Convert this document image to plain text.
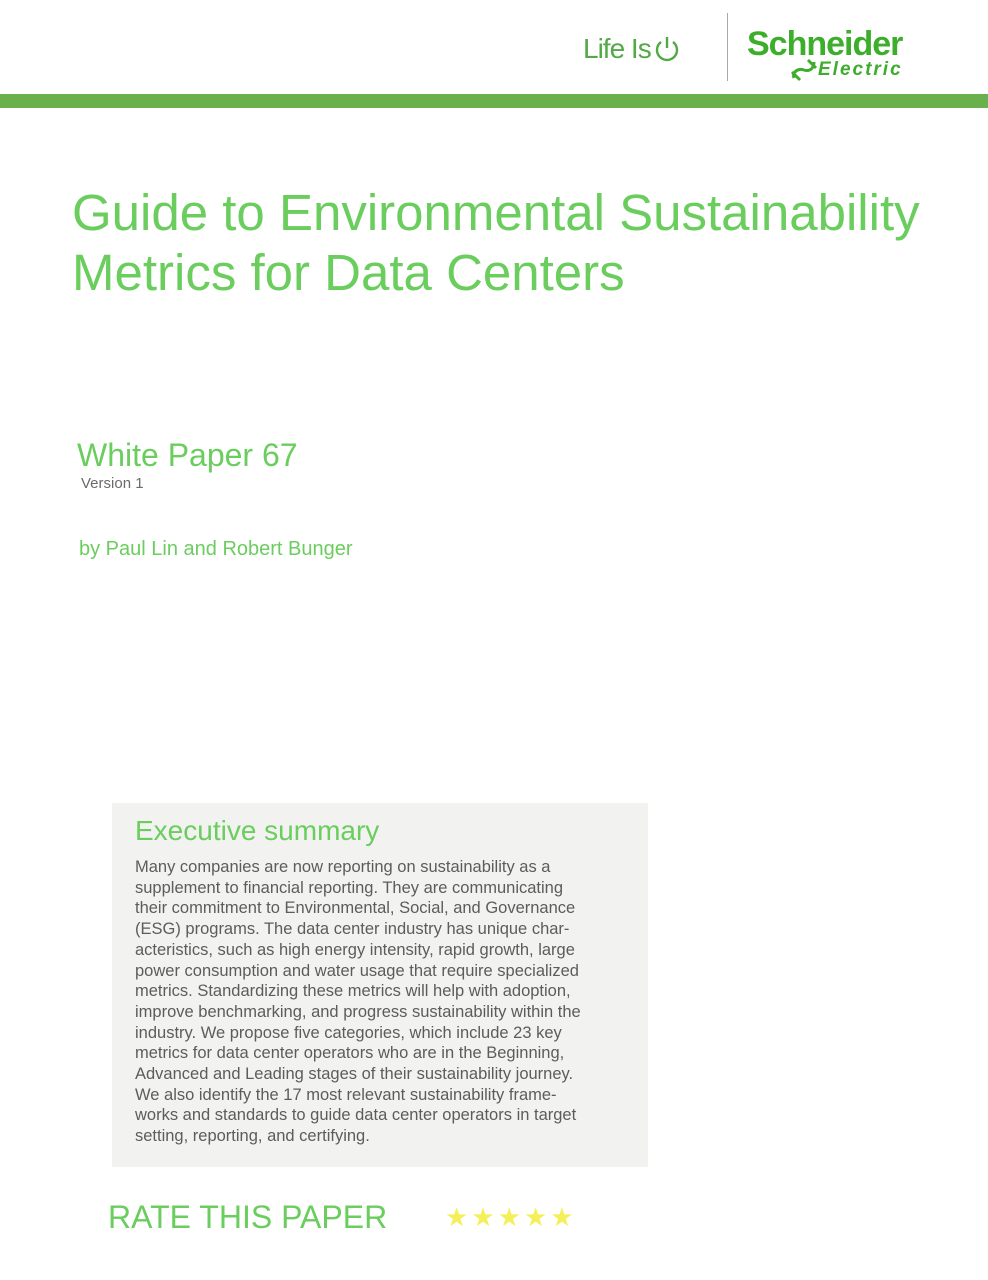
Life Is	Schneider
Electric
Guide to Environmental Sustainability
Metrics for Data Centers
White Paper 67
Version 1
by Paul Lin and Robert Bunger
Executive summary
Many companies are now reporting on sustainability as a
supplement to financial reporting. They are communicating
their commitment to Environmental, Social, and Governance
(ESG) programs. The data center industry has unique char-
acteristics, such as high energy intensity, rapid growth, large
power consumption and water usage that require specialized
metrics. Standardizing these metrics will help with adoption,
improve benchmarking, and progress sustainability within the
industry. We propose five categories, which include 23 key
metrics for data center operators who are in the Beginning,
Advanced and Leading stages of their sustainability journey.
We also identify the 17 most relevant sustainability frame-
works and standards to guide data center operators in target
setting, reporting, and certifying.
RATE THIS PAPER ★ ★ ★ ★ ★
